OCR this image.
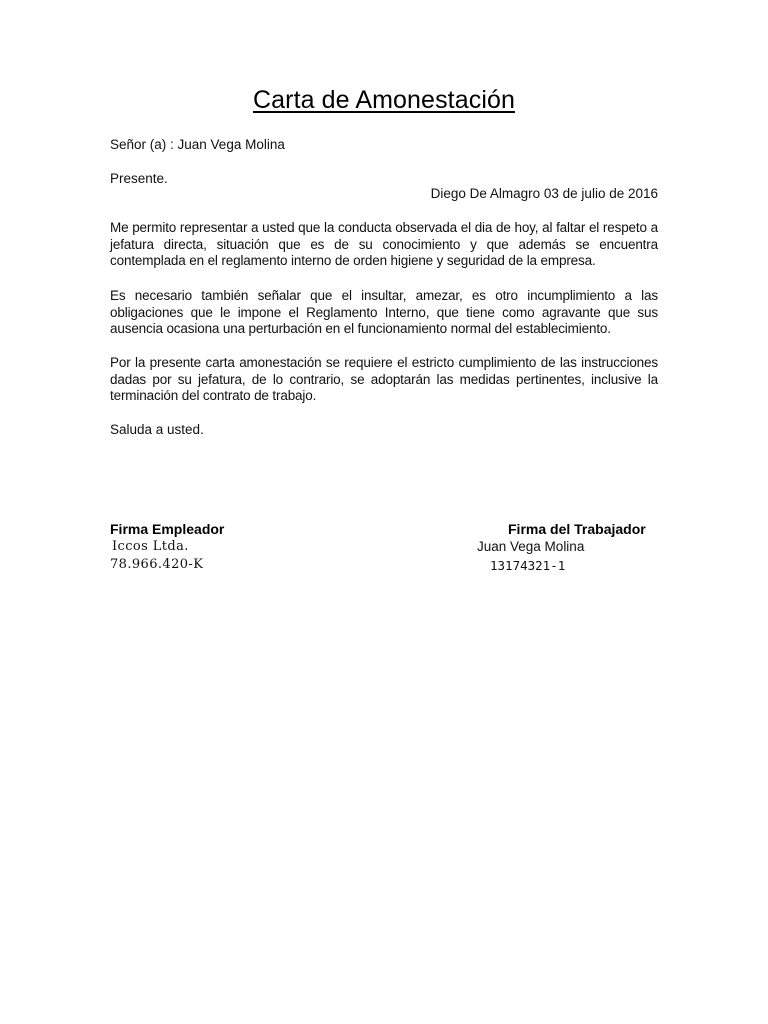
Carta de Amonestación
Señor (a) : Juan Vega Molina
Presente.
Diego De Almagro 03 de julio de 2016

Me permito representar a usted que la conducta observada el dia de hoy, al faltar el respeto a jefatura directa, situación que es de su conocimiento y que además se encuentra contemplada en el reglamento interno de orden higiene y seguridad de la empresa.

Es necesario también señalar que el insultar, amezar, es otro incumplimiento a las obligaciones que le impone el Reglamento Interno, que tiene como agravante que sus ausencia ocasiona una perturbación en el funcionamiento normal del establecimiento.

Por la presente carta amonestación se requiere el estricto cumplimiento de las instrucciones dadas por su jefatura, de lo contrario, se adoptarán las medidas pertinentes, inclusive la terminación del contrato de trabajo.

Saluda a usted.
Firma Empleador
Iccos Ltda.
78.966.420-K
Firma del Trabajador
Juan Vega Molina
13174321-1
